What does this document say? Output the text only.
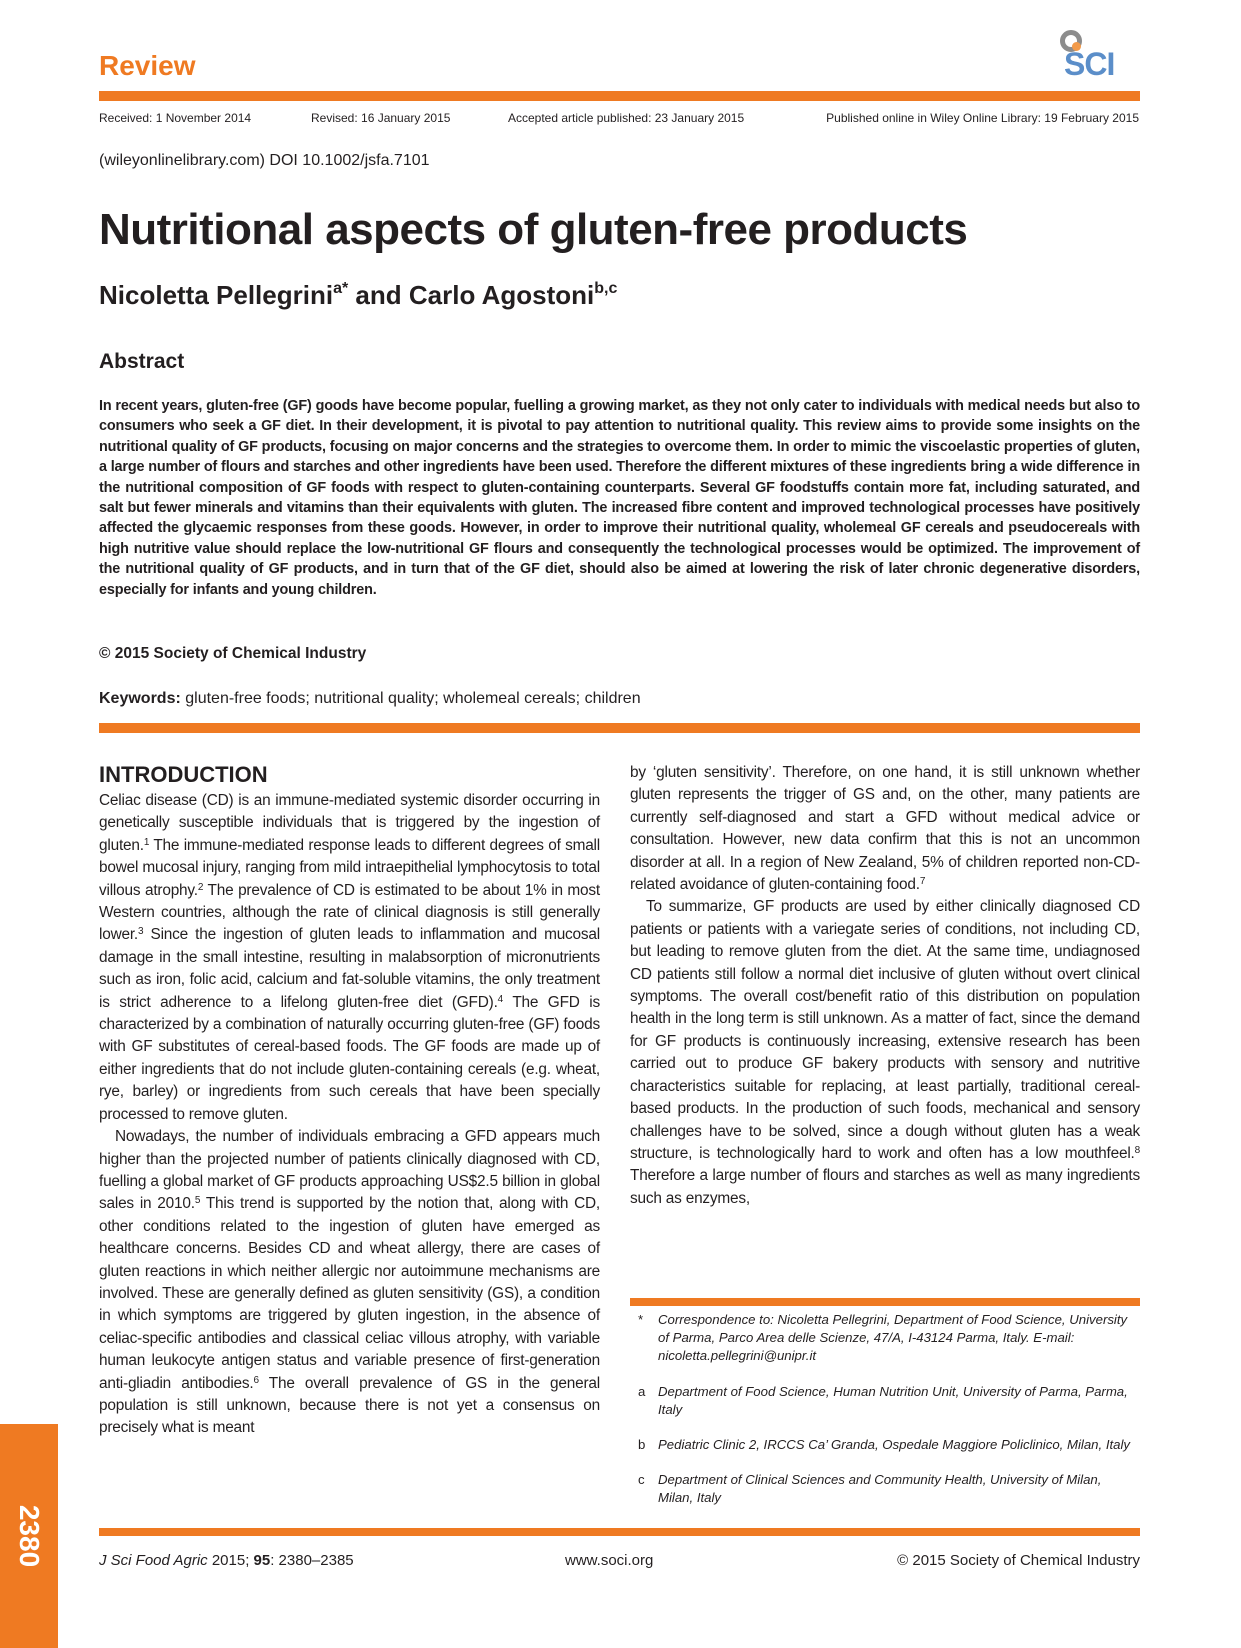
Review	SCI
Received: 1 November 2014	Revised: 16 January 2015	Accepted article published: 23 January 2015	Published online in Wiley Online Library: 19 February 2015
(wileyonlinelibrary.com) DOI 10.1002/jsfa.7101
Nutritional aspects of gluten-free products
Nicoletta Pellegrini$^{a*}$ and Carlo Agostoni$^{b,c}$
Abstract
In recent years, gluten-free (GF) goods have become popular, fuelling a growing market, as they not only cater to individuals with medical needs but also to consumers who seek a GF diet. In their development, it is pivotal to pay attention to nutritional quality. This review aims to provide some insights on the nutritional quality of GF products, focusing on major concerns and the strategies to overcome them. In order to mimic the viscoelastic properties of gluten, a large number of flours and starches and other ingredients have been used. Therefore the different mixtures of these ingredients bring a wide difference in the nutritional composition of GF foods with respect to gluten-containing counterparts. Several GF foodstuffs contain more fat, including saturated, and salt but fewer minerals and vitamins than their equivalents with gluten. The increased fibre content and improved technological processes have positively affected the glycaemic responses from these goods. However, in order to improve their nutritional quality, wholemeal GF cereals and pseudocereals with high nutritive value should replace the low-nutritional GF flours and consequently the technological processes would be optimized. The improvement of the nutritional quality of GF products, and in turn that of the GF diet, should also be aimed at lowering the risk of later chronic degenerative disorders, especially for infants and young children.
© 2015 Society of Chemical Industry
Keywords: gluten-free foods; nutritional quality; wholemeal cereals; children
INTRODUCTION

Celiac disease (CD) is an immune-mediated systemic disorder occurring in genetically susceptible individuals that is triggered by the ingestion of gluten.$^1$ The immune-mediated response leads to different degrees of small bowel mucosal injury, ranging from mild intraepithelial lymphocytosis to total villous atrophy.$^2$ The prevalence of CD is estimated to be about 1% in most Western countries, although the rate of clinical diagnosis is still generally lower.$^3$ Since the ingestion of gluten leads to inflammation and mucosal damage in the small intestine, resulting in malabsorption of micronutrients such as iron, folic acid, calcium and fat-soluble vitamins, the only treatment is strict adherence to a lifelong gluten-free diet (GFD).$^4$ The GFD is characterized by a combination of naturally occurring gluten-free (GF) foods with GF substitutes of cereal-based foods. The GF foods are made up of either ingredients that do not include gluten-containing cereals (e.g. wheat, rye, barley) or ingredients from such cereals that have been specially processed to remove gluten.

Nowadays, the number of individuals embracing a GFD appears much higher than the projected number of patients clinically diagnosed with CD, fuelling a global market of GF products approaching US$2.5 billion in global sales in 2010.$^5$ This trend is supported by the notion that, along with CD, other conditions related to the ingestion of gluten have emerged as healthcare concerns. Besides CD and wheat allergy, there are cases of gluten reactions in which neither allergic nor autoimmune mechanisms are involved. These are generally defined as gluten sensitivity (GS), a condition in which symptoms are triggered by gluten ingestion, in the absence of celiac-specific antibodies and classical celiac villous atrophy, with variable human leukocyte antigen status and variable presence of first-generation anti-gliadin antibodies.$^6$ The overall prevalence of GS in the general population is still unknown, because there is not yet a consensus on precisely what is meant

by ‘gluten sensitivity’. Therefore, on one hand, it is still unknown whether gluten represents the trigger of GS and, on the other, many patients are currently self-diagnosed and start a GFD without medical advice or consultation. However, new data confirm that this is not an uncommon disorder at all. In a region of New Zealand, 5% of children reported non-CD-related avoidance of gluten-containing food.$^7$

To summarize, GF products are used by either clinically diagnosed CD patients or patients with a variegate series of conditions, not including CD, but leading to remove gluten from the diet. At the same time, undiagnosed CD patients still follow a normal diet inclusive of gluten without overt clinical symptoms. The overall cost/benefit ratio of this distribution on population health in the long term is still unknown. As a matter of fact, since the demand for GF products is continuously increasing, extensive research has been carried out to produce GF bakery products with sensory and nutritive characteristics suitable for replacing, at least partially, traditional cereal-based products. In the production of such foods, mechanical and sensory challenges have to be solved, since a dough without gluten has a weak structure, is technologically hard to work and often has a low mouthfeel.$^8$ Therefore a large number of flours and starches as well as many ingredients such as enzymes,

* Correspondence to: Nicoletta Pellegrini, Department of Food Science, University of Parma, Parco Area delle Scienze, 47/A, I-43124 Parma, Italy. E-mail: nicoletta.pellegrini@unipr.it
a Department of Food Science, Human Nutrition Unit, University of Parma, Parma, Italy
b Pediatric Clinic 2, IRCCS Ca’ Granda, Ospedale Maggiore Policlinico, Milan, Italy
c Department of Clinical Sciences and Community Health, University of Milan, Milan, Italy
2380	J Sci Food Agric 2015; 95: 2380–2385	www.soci.org	© 2015 Society of Chemical Industry
